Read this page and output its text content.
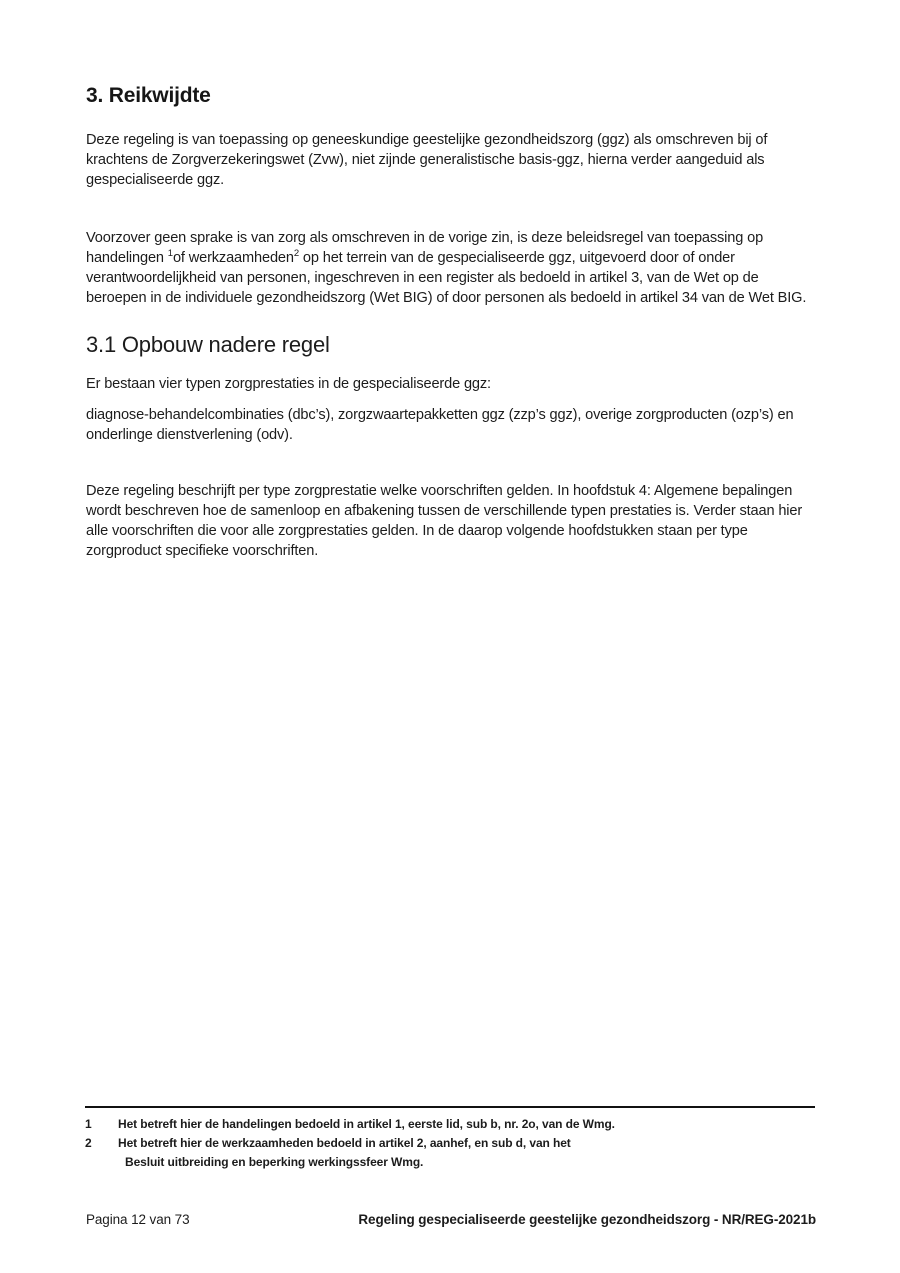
3. Reikwijdte

Deze regeling is van toepassing op geneeskundige geestelijke gezondheidszorg (ggz) als omschreven bij of krachtens de Zorgverzekeringswet (Zvw), niet zijnde generalistische basis-ggz, hierna verder aangeduid als gespecialiseerde ggz.

Voorzover geen sprake is van zorg als omschreven in de vorige zin, is deze beleidsregel van toepassing op handelingen $^1$of werkzaamheden$^2$ op het terrein van de gespecialiseerde ggz, uitgevoerd door of onder verantwoordelijkheid van personen, ingeschreven in een register als bedoeld in artikel 3, van de Wet op de beroepen in de individuele gezondheidszorg (Wet BIG) of door personen als bedoeld in artikel 34 van de Wet BIG.

3.1 Opbouw nadere regel

Er bestaan vier typen zorgprestaties in de gespecialiseerde ggz:

diagnose-behandelcombinaties (dbc’s), zorgzwaartepakketten ggz (zzp’s ggz), overige zorgproducten (ozp’s) en onderlinge dienstverlening (odv).

Deze regeling beschrijft per type zorgprestatie welke voorschriften gelden. In hoofdstuk 4: Algemene bepalingen wordt beschreven hoe de samenloop en afbakening tussen de verschillende typen prestaties is. Verder staan hier alle voorschriften die voor alle zorgprestaties gelden. In de daarop volgende hoofdstukken staan per type zorgproduct specifieke voorschriften.

1	Het betreft hier de handelingen bedoeld in artikel 1, eerste lid, sub b, nr. 2o, van de Wmg.
2	Het betreft hier de werkzaamheden bedoeld in artikel 2, aanhef, en sub d, van het
Besluit uitbreiding en beperking werkingssfeer Wmg.
Pagina 12 van 73	Regeling gespecialiseerde geestelijke gezondheidszorg - NR/REG-2021b
